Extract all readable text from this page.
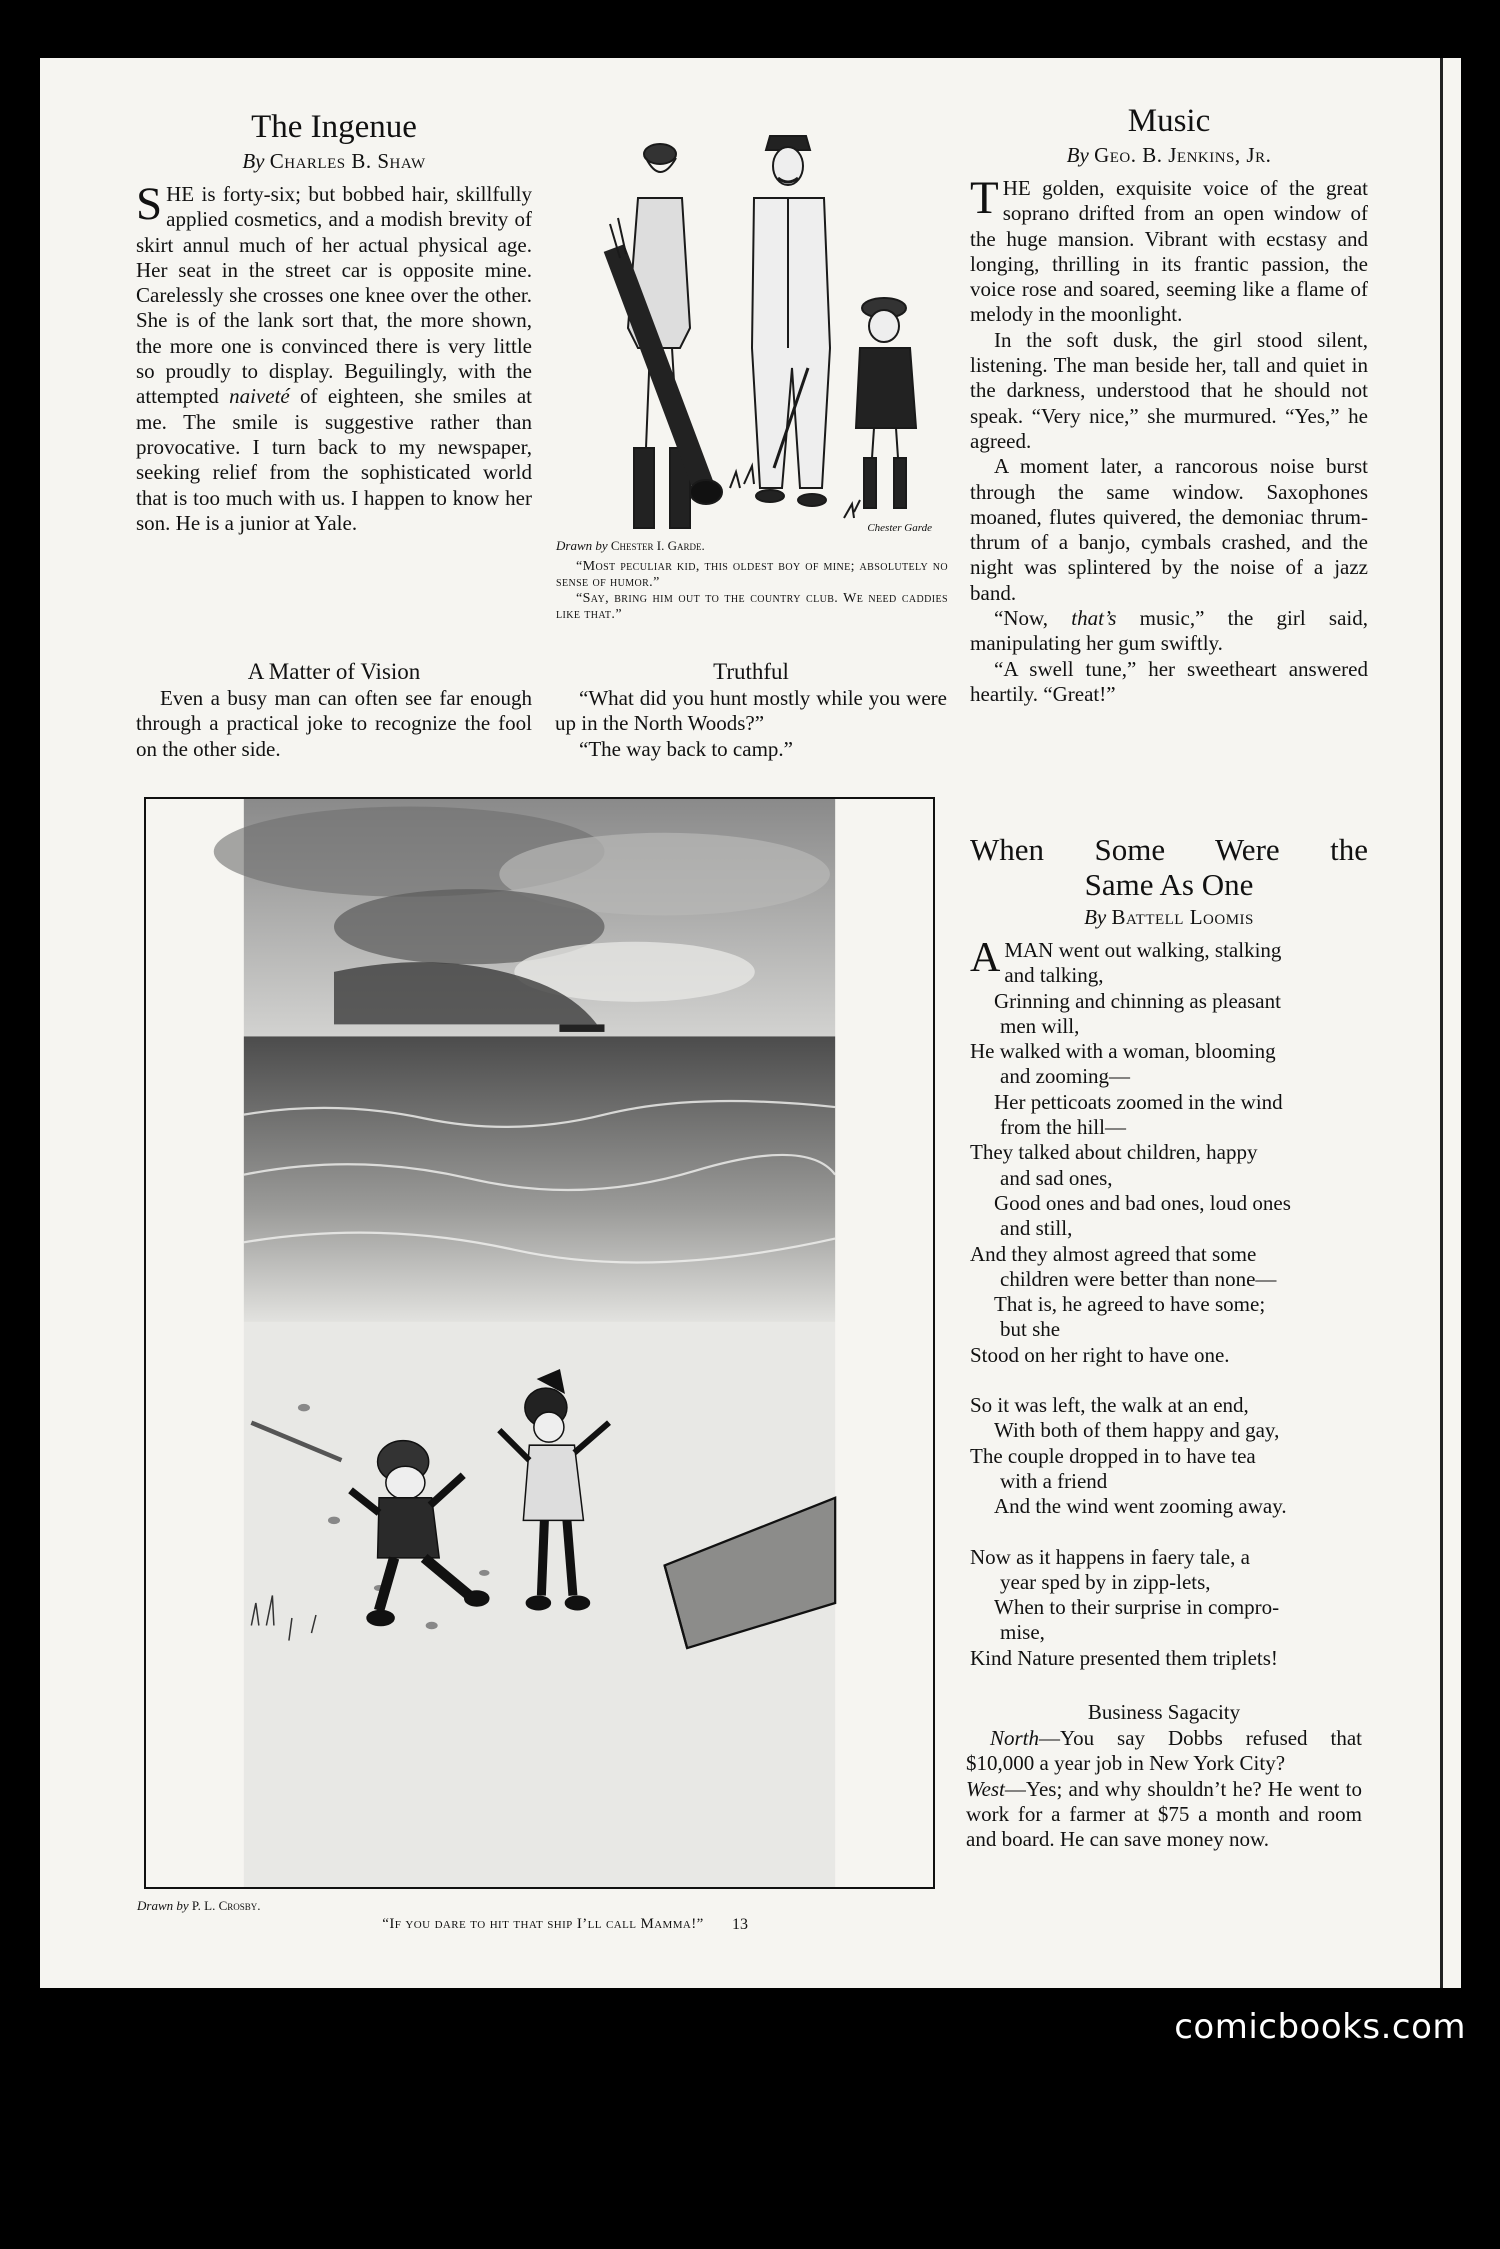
The Ingenue
By Charles B. Shaw

SHE is forty-six; but bobbed hair, skillfully applied cosmetics, and a modish brevity of skirt annul much of her actual physical age. Her seat in the street car is opposite mine. Carelessly she crosses one knee over the other. She is of the lank sort that, the more shown, the more one is convinced there is very little so proudly to display. Beguilingly, with the attempted naiveté of eighteen, she smiles at me. The smile is suggestive rather than provocative. I turn back to my newspaper, seeking relief from the sophisticated world that is too much with us. I happen to know her son. He is a junior at Yale.	Chester Garde
Drawn by Chester I. Garde.
“Most peculiar kid, this oldest boy of mine; absolutely no sense of humor.”
“Say, bring him out to the country club. We need caddies like that.”
A Matter of Vision

Even a busy man can often see far enough through a practical joke to recognize the fool on the other side.

Truthful

“What did you hunt mostly while you were up in the North Woods?”

“The way back to camp.”

Music
By Geo. B. Jenkins, Jr.

THE golden, exquisite voice of the great soprano drifted from an open window of the huge mansion. Vibrant with ecstasy and longing, thrilling in its frantic passion, the voice rose and soared, seeming like a flame of melody in the moonlight.

In the soft dusk, the girl stood silent, listening. The man beside her, tall and quiet in the darkness, understood that he should not speak. “Very nice,” she murmured. “Yes,” he agreed.

A moment later, a rancorous noise burst through the same window. Saxophones moaned, flutes quivered, the demoniac thrum-thrum of a banjo, cymbals crashed, and the night was splintered by the noise of a jazz band.

“Now, that’s music,” the girl said, manipulating her gum swiftly.

“A swell tune,” her sweetheart answered heartily. “Great!”

When Some Were the
Same As One
By Battell Loomis

AMAN went out walking, stalking

and talking,

Grinning and chinning as pleasant

men will,

He walked with a woman, blooming

and zooming—

Her petticoats zoomed in the wind

from the hill—

They talked about children, happy

and sad ones,

Good ones and bad ones, loud ones

and still,

And they almost agreed that some

children were better than none—

That is, he agreed to have some;

but she

Stood on her right to have one.

So it was left, the walk at an end,

With both of them happy and gay,

The couple dropped in to have tea

with a friend

And the wind went zooming away.

Now as it happens in faery tale, a

year sped by in zipp-lets,

When to their surprise in compro-

mise,

Kind Nature presented them triplets!

Business Sagacity

North—You say Dobbs refused that $10,000 a year job in New York City?

West—Yes; and why shouldn’t he? He went to work for a farmer at $75 a month and room and board. He can save money now.

Drawn by P. L. Crosby.
“If you dare to hit that ship I’ll call Mamma!”	13
comicbooks.com
